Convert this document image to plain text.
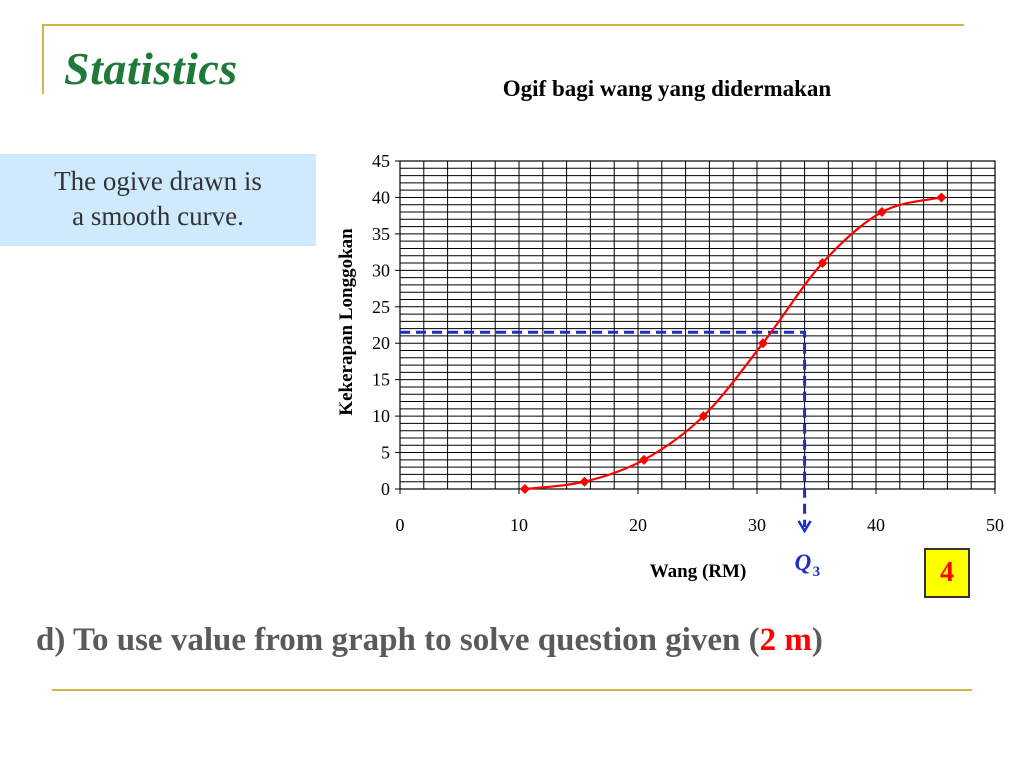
Statistics	Ogif bagi wang yang didermakan
The ogive drawn is
a smooth curve.
0
5
10
15
20
25
30
35
40
45
0	10	20	30	40	50
Wang (RM)
Kekerapan Longgokan
Q 3	4
d) To use value from graph to solve question given (2 m)
